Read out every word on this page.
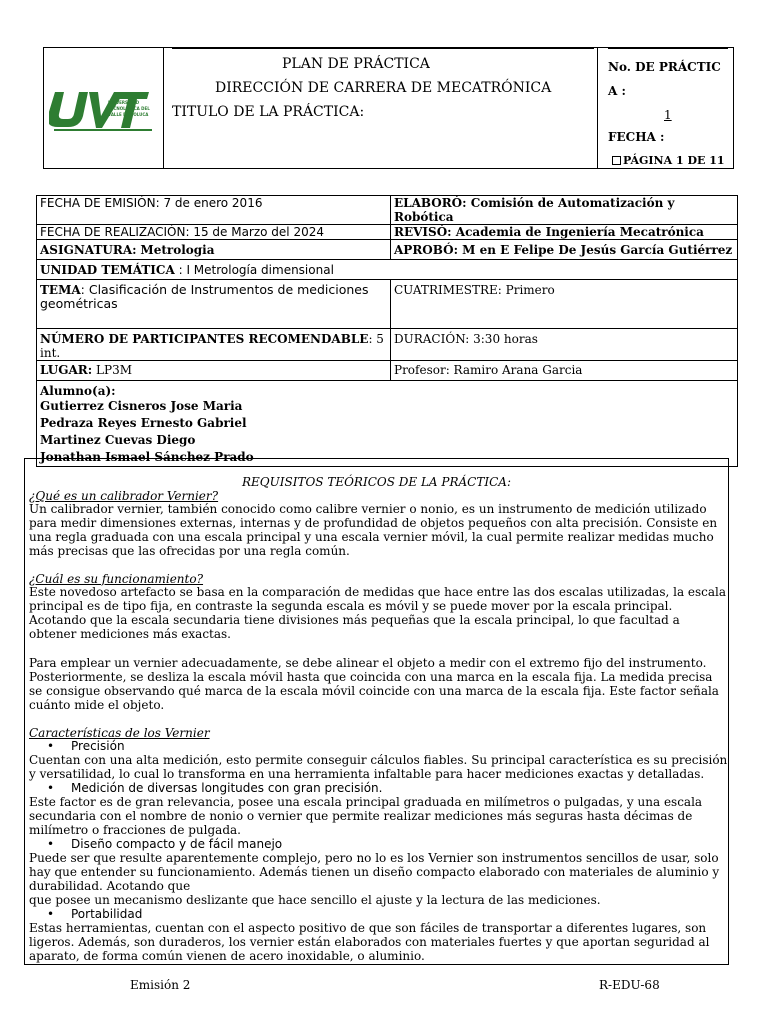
UNIVERSIDAD TECNOLÓGICA DEL VALLE DE TOLUCA
PLAN DE PRÁCTICA
DIRECCIÓN DE CARRERA DE MECATRÓNICA
TITULO DE LA PRÁCTICA:
No. DE PRÁCTIC
A :
1
FECHA :
PÁGINA 1 DE 11
FECHA DE EMISIÓN: 7 de enero 2016	ELABORÓ: Comisión de Automatización y Robótica
FECHA DE REALIZACIÓN: 15 de Marzo del 2024	REVISÓ: Academia de Ingeniería Mecatrónica
ASIGNATURA: Metrologia	APROBÓ: M en E Felipe De Jesús García Gutiérrez
UNIDAD TEMÁTICA : I Metrología dimensional	
TEMA: Clasificación de Instrumentos de mediciones geométricas	CUATRIMESTRE: Primero
NÚMERO DE PARTICIPANTES RECOMENDABLE: 5 int.	DURACIÓN: 3:30 horas
LUGAR: LP3M	Profesor: Ramiro Arana Garcia

Alumno(a):
Gutierrez Cisneros Jose Maria
Pedraza Reyes Ernesto Gabriel
Martinez Cuevas Diego
Jonathan Ismael Sánchez Prado	
REQUISITOS TEÓRICOS DE LA PRÁCTICA:
¿Qué es un calibrador Vernier?
Un calibrador vernier, también conocido como calibre vernier o nonio, es un instrumento de medición utilizado para medir dimensiones externas, internas y de profundidad de objetos pequeños con alta precisión. Consiste en una regla graduada con una escala principal y una escala vernier móvil, la cual permite realizar medidas mucho más precisas que las ofrecidas por una regla común.
¿Cuál es su funcionamiento?
Este novedoso artefacto se basa en la comparación de medidas que hace entre las dos escalas utilizadas, la escala principal es de tipo fija, en contraste la segunda escala es móvil y se puede mover por la escala principal. Acotando que la escala secundaria tiene divisiones más pequeñas que la escala principal, lo que facultad a obtener mediciones más exactas.
Para emplear un vernier adecuadamente, se debe alinear el objeto a medir con el extremo fijo del instrumento. Posteriormente, se desliza la escala móvil hasta que coincida con una marca en la escala fija. La medida precisa se consigue observando qué marca de la escala móvil coincide con una marca de la escala fija. Este factor señala cuánto mide el objeto.
Características de los Vernier
• Precisión
Cuentan con una alta medición, esto permite conseguir cálculos fiables. Su principal característica es su precisión y versatilidad, lo cual lo transforma en una herramienta infaltable para hacer mediciones exactas y detalladas.
• Medición de diversas longitudes con gran precisión.
Este factor es de gran relevancia, posee una escala principal graduada en milímetros o pulgadas, y una escala secundaria con el nombre de nonio o vernier que permite realizar mediciones más seguras hasta décimas de milímetro o fracciones de pulgada.
• Diseño compacto y de fácil manejo
Puede ser que resulte aparentemente complejo, pero no lo es los Vernier son instrumentos sencillos de usar, solo hay que entender su funcionamiento. Además tienen un diseño compacto elaborado con materiales de aluminio y durabilidad. Acotando que
que posee un mecanismo deslizante que hace sencillo el ajuste y la lectura de las mediciones.
• Portabilidad
Estas herramientas, cuentan con el aspecto positivo de que son fáciles de transportar a diferentes lugares, son ligeros. Además, son duraderos, los vernier están elaborados con materiales fuertes y que aportan seguridad al aparato, de forma común vienen de acero inoxidable, o aluminio.
Emisión 2	R-EDU-68
